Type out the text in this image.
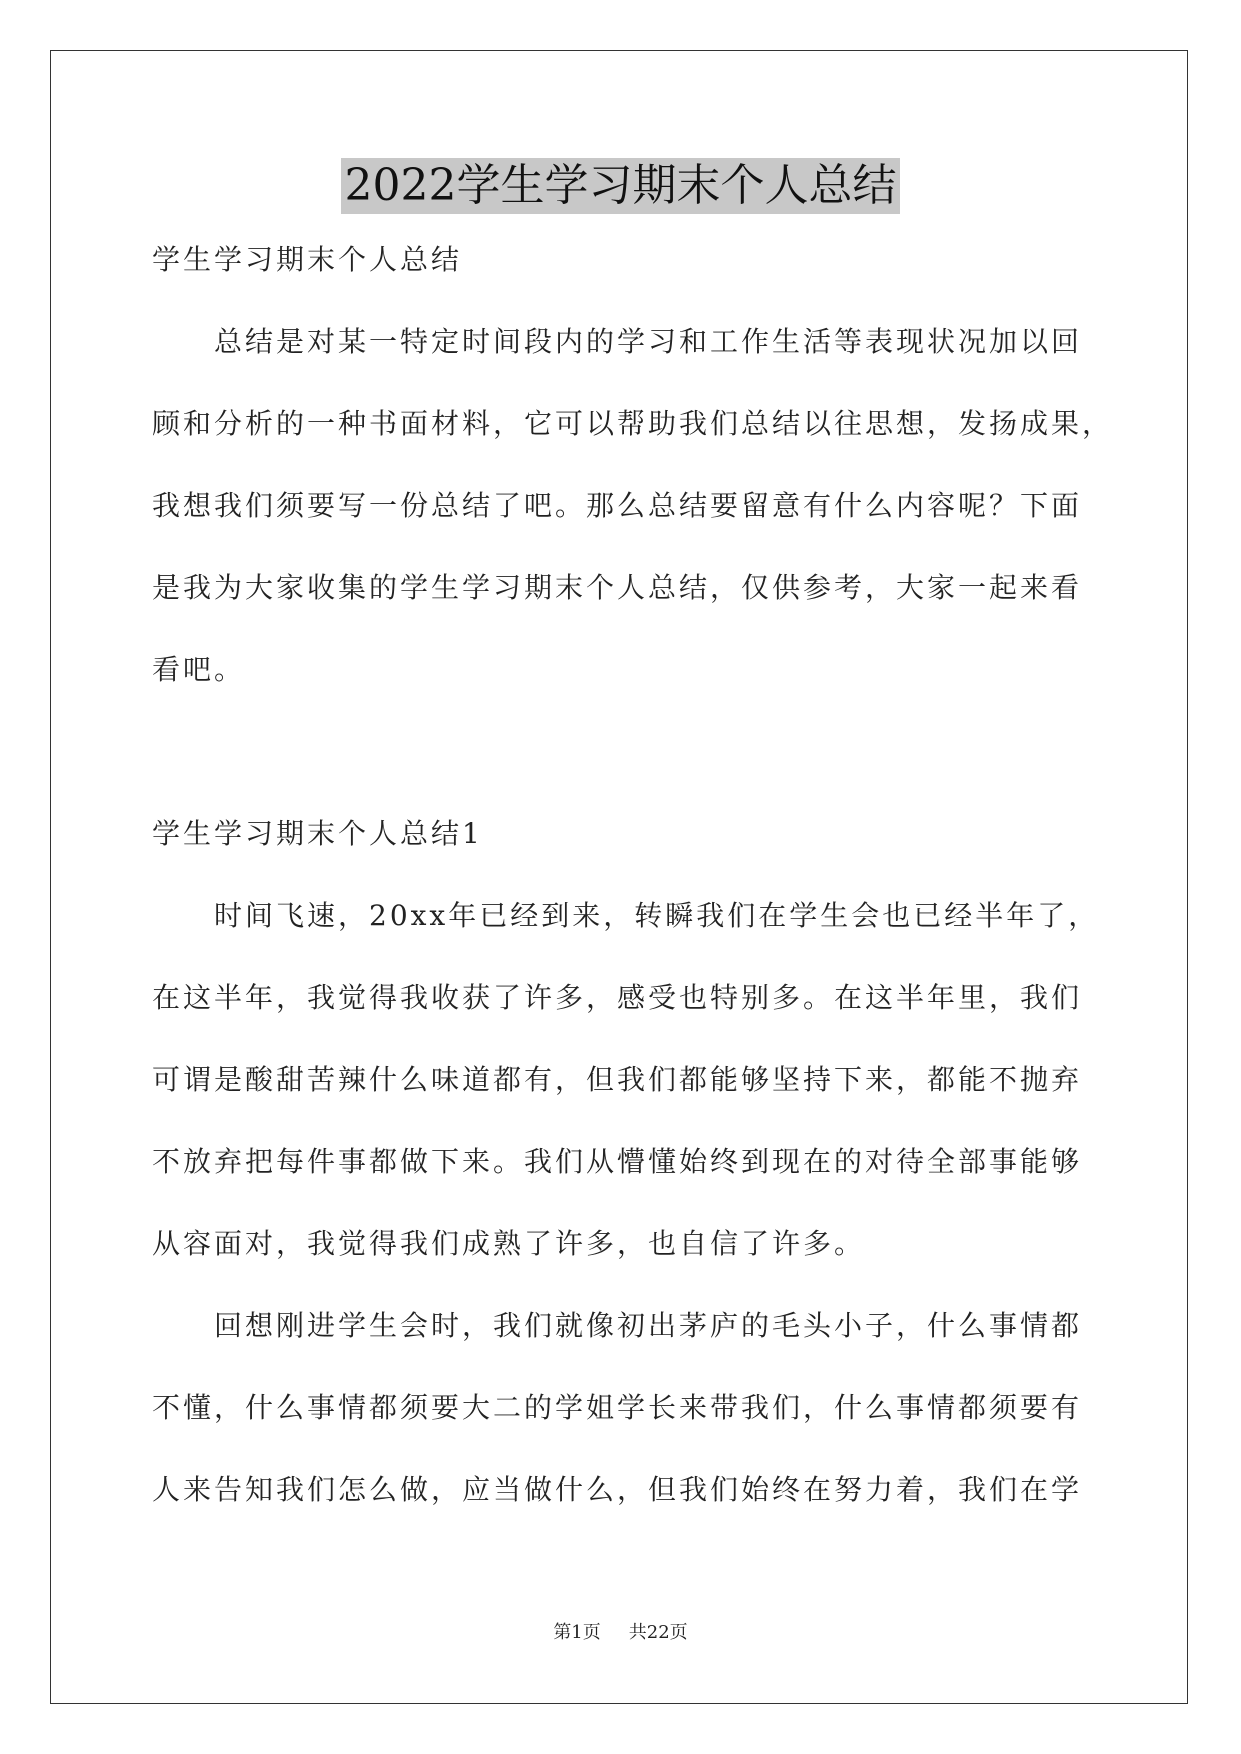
2022学生学习期末个人总结
学生学习期末个人总结
　　总结是对某一特定时间段内的学习和工作生活等表现状况加以回
顾和分析的一种书面材料，它可以帮助我们总结以往思想，发扬成果，
我想我们须要写一份总结了吧。那么总结要留意有什么内容呢？下面
是我为大家收集的学生学习期末个人总结，仅供参考，大家一起来看
看吧。
学生学习期末个人总结1
　　时间飞速，20xx年已经到来，转瞬我们在学生会也已经半年了，
在这半年，我觉得我收获了许多，感受也特别多。在这半年里，我们
可谓是酸甜苦辣什么味道都有，但我们都能够坚持下来，都能不抛弃
不放弃把每件事都做下来。我们从懵懂始终到现在的对待全部事能够
从容面对，我觉得我们成熟了许多，也自信了许多。
　　回想刚进学生会时，我们就像初出茅庐的毛头小子，什么事情都
不懂，什么事情都须要大二的学姐学长来带我们，什么事情都须要有
人来告知我们怎么做，应当做什么，但我们始终在努力着，我们在学
第1页 共22页
